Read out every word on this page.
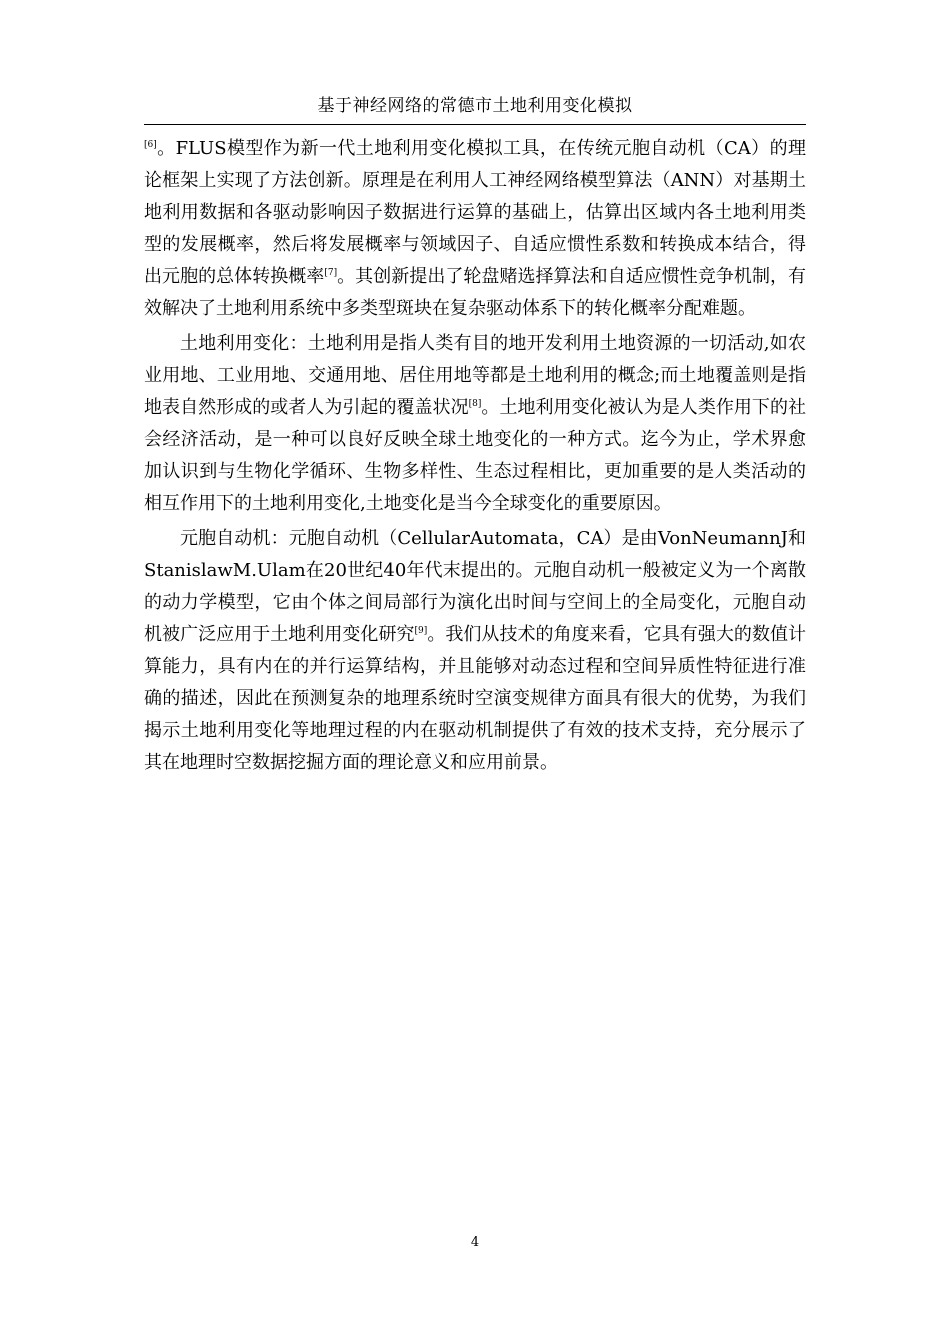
基于神经网络的常德市土地利用变化模拟

[6]。FLUS模型作为新一代土地利用变化模拟工具，在传统元胞自动机（CA）的理论框架上实现了方法创新。原理是在利用人工神经网络模型算法（ANN）对基期土地利用数据和各驱动影响因子数据进行运算的基础上，估算出区域内各土地利用类型的发展概率，然后将发展概率与领域因子、自适应惯性系数和转换成本结合，得出元胞的总体转换概率[7]。其创新提出了轮盘赌选择算法和自适应惯性竞争机制，有效解决了土地利用系统中多类型斑块在复杂驱动体系下的转化概率分配难题。

土地利用变化：土地利用是指人类有目的地开发利用土地资源的一切活动,如农业用地、工业用地、交通用地、居住用地等都是土地利用的概念;而土地覆盖则是指地表自然形成的或者人为引起的覆盖状况[8]。土地利用变化被认为是人类作用下的社会经济活动，是一种可以良好反映全球土地变化的一种方式。迄今为止，学术界愈加认识到与生物化学循环、生物多样性、生态过程相比，更加重要的是人类活动的相互作用下的土地利用变化,土地变化是当今全球变化的重要原因。

元胞自动机：元胞自动机（CellularAutomata，CA）是由VonNeumannJ和StanislawM.Ulam在20世纪40年代末提出的。元胞自动机一般被定义为一个离散的动力学模型，它由个体之间局部行为演化出时间与空间上的全局变化，元胞自动机被广泛应用于土地利用变化研究[9]。我们从技术的角度来看，它具有强大的数值计算能力，具有内在的并行运算结构，并且能够对动态过程和空间异质性特征进行准确的描述，因此在预测复杂的地理系统时空演变规律方面具有很大的优势，为我们揭示土地利用变化等地理过程的内在驱动机制提供了有效的技术支持，充分展示了其在地理时空数据挖掘方面的理论意义和应用前景。

4
